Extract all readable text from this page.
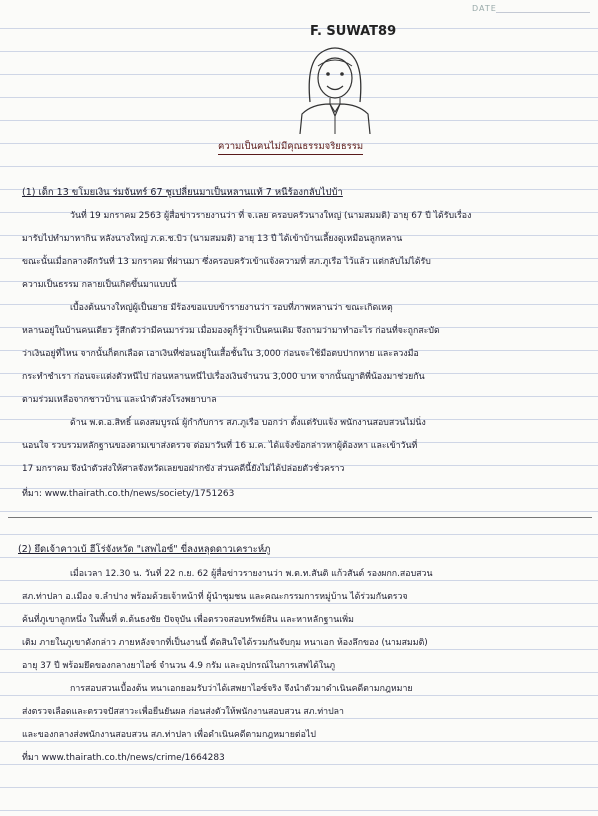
DATE
F. SUWAT89
ความเป็นคนไม่มีคุณธรรมจริยธรรม
(1) เด็ก 13 ขโมยเงิน ร่มจันทร์ 67 ชูเปลี่ยนมาเป็นหลานแท้ 7 หนีร้องกลับไปบ้า
วันที่ 19 มกราคม 2563 ผู้สื่อข่าวรายงานว่า ที่ จ.เลย ครอบครัวนางใหญ่ (นามสมมติ) อายุ 67 ปี ได้รับเรื่อง
มารับไปทำมาหากิน หลังนางใหญ่ ภ.ด.ช.บิว (นามสมมติ) อายุ 13 ปี ได้เข้าบ้านเลี้ยงดูเหมือนลูกหลาน
ขณะนั้นเมื่อกลางดึกวันที่ 13 มกราคม ที่ผ่านมา ซึ่งครอบครัวเข้าแจ้งความที่ สภ.ภูเรือ ไว้แล้ว แต่กลับไม่ได้รับ
ความเป็นธรรม กลายเป็นเกิดขึ้นมาแบบนี้
เบื้องต้นนางใหญ่ผู้เป็นยาย มีร้องขอแบบข้ารายงานว่า รอบที่ภาพหลานว่า ขณะเกิดเหตุ
หลานอยู่ในบ้านคนเดียว รู้สึกตัวว่ามีคนมาร่วม เมื่อมองดูก็รู้ว่าเป็นคนเดิม จึงถามว่ามาทำอะไร ก่อนที่จะถูกสะบัด
ว่าเงินอยู่ที่ไหน จากนั้นก็ตกเลือด เอาเงินที่ซ่อนอยู่ในเสื้อชั้นใน 3,000 ก่อนจะใช้มือตบปากหาย และลวงมือ
กระทำชำเรา ก่อนจะแต่งตัวหนีไป ก่อนหลานหนีไปเรื่องเงินจำนวน 3,000 บาท จากนั้นญาติพี่น้องมาช่วยกัน
ตามร่วมเหลือจากชาวบ้าน และนำตัวส่งโรงพยาบาล
ด้าน พ.ต.อ.สิทธิ์ แดงสมบูรณ์ ผู้กำกับการ สภ.ภูเรือ บอกว่า ตั้งแต่รับแจ้ง พนักงานสอบสวนไม่นิ่ง
นอนใจ รวบรวมหลักฐานของตามเขาส่งตรวจ ต่อมาวันที่ 16 ม.ค. ได้แจ้งข้อกล่าวหาผู้ต้องหา และเข้าวันที่
17 มกราคม จึงนำตัวส่งให้ศาลจังหวัดเลยขอฝากขัง ส่วนคดีนี้ยังไม่ได้ปล่อยตัวชั่วคราว
ที่มา: www.thairath.co.th/news/society/1751263
(2) ยึดเจ้าคาวเบ้ ฮีโร่จังหวัด "เสพไอซ์" ขี่ลงหลุดดาวเคราะห์ภู
เมื่อเวลา 12.30 น. วันที่ 22 ก.ย. 62 ผู้สื่อข่าวรายงานว่า พ.ต.ท.สันติ แก้วสันต์ รองผกก.สอบสวน
สภ.ท่าปลา อ.เมือง จ.ลำปาง พร้อมด้วยเจ้าหน้าที่ ผู้นำชุมชน และคณะกรรมการหมู่บ้าน ได้ร่วมกันตรวจ
ค้นที่ภูเขาลูกหนึ่ง ในพื้นที่ ต.ต้นธงชัย ปัจจุบัน เพื่อตรวจสอบทรัพย์สิน และหาหลักฐานเพิ่ม
เติม ภายในภูเขาดังกล่าว ภายหลังจากที่เป็นงานนี้ ตัดสินใจได้รวมกันจับกุม หนาเอก ห้องลึกของ (นามสมมติ)
อายุ 37 ปี พร้อมยึดของกลางยาไอซ์ จำนวน 4.9 กรัม และอุปกรณ์ในการเสพได้ในภู
การสอบสวนเบื้องต้น หนาเอกยอมรับว่าได้เสพยาไอซ์จริง จึงนำตัวมาดำเนินคดีตามกฎหมาย
ส่งตรวจเลือดและตรวจปัสสาวะเพื่อยืนยันผล ก่อนส่งตัวให้พนักงานสอบสวน สภ.ท่าปลา
และของกลางส่งพนักงานสอบสวน สภ.ท่าปลา เพื่อดำเนินคดีตามกฎหมายต่อไป
ที่มา www.thairath.co.th/news/crime/1664283
